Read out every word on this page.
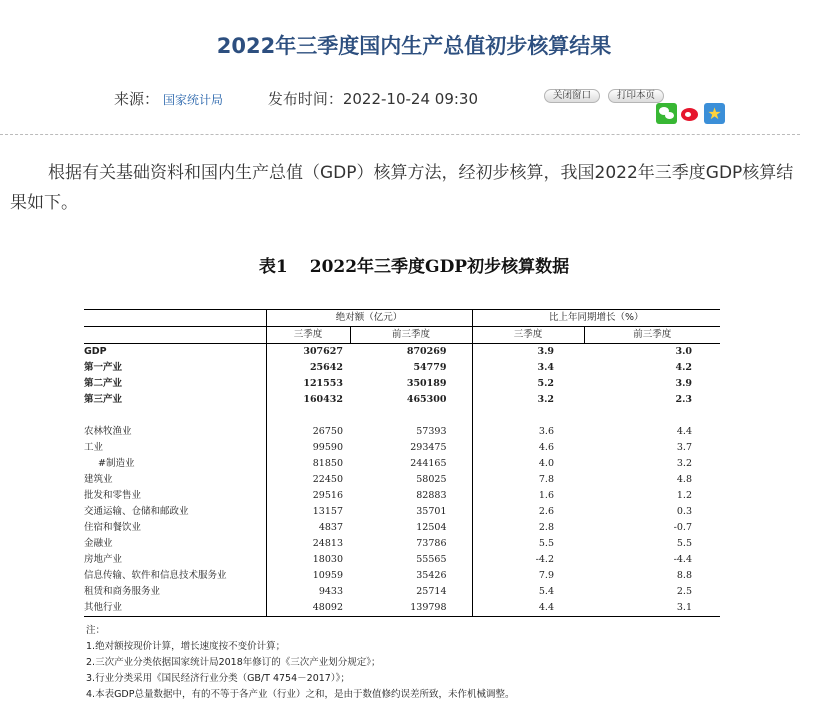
2022年三季度国内生产总值初步核算结果
来源： 国家统计局	发布时间：2022-10-24 09:30	关闭窗口	打印本页
★
根据有关基础资料和国内生产总值（GDP）核算方法，经初步核算，我国2022年三季度GDP核算结果如下。
表1 2022年三季度GDP初步核算数据
	绝对额（亿元）		比上年同期增长（%）	
	三季度	前三季度	三季度	前三季度
GDP	307627	870269	3.9	3.0
第一产业	25642	54779	3.4	4.2
第二产业	121553	350189	5.2	3.9
第三产业	160432	465300	3.2	2.3

农林牧渔业	26750	57393	3.6	4.4
工业	99590	293475	4.6	3.7
#制造业	81850	244165	4.0	3.2
建筑业	22450	58025	7.8	4.8
批发和零售业	29516	82883	1.6	1.2
交通运输、仓储和邮政业	13157	35701	2.6	0.3
住宿和餐饮业	4837	12504	2.8	-0.7
金融业	24813	73786	5.5	5.5
房地产业	18030	55565	-4.2	-4.4
信息传输、软件和信息技术服务业	10959	35426	7.9	8.8
租赁和商务服务业	9433	25714	5.4	2.5
其他行业	48092	139798	4.4	3.1
注：
1.绝对额按现价计算，增长速度按不变价计算；
2.三次产业分类依据国家统计局2018年修订的《三次产业划分规定》；
3.行业分类采用《国民经济行业分类（GB/T 4754－2017）》；
4.本表GDP总量数据中，有的不等于各产业（行业）之和，是由于数值修约误差所致，未作机械调整。
